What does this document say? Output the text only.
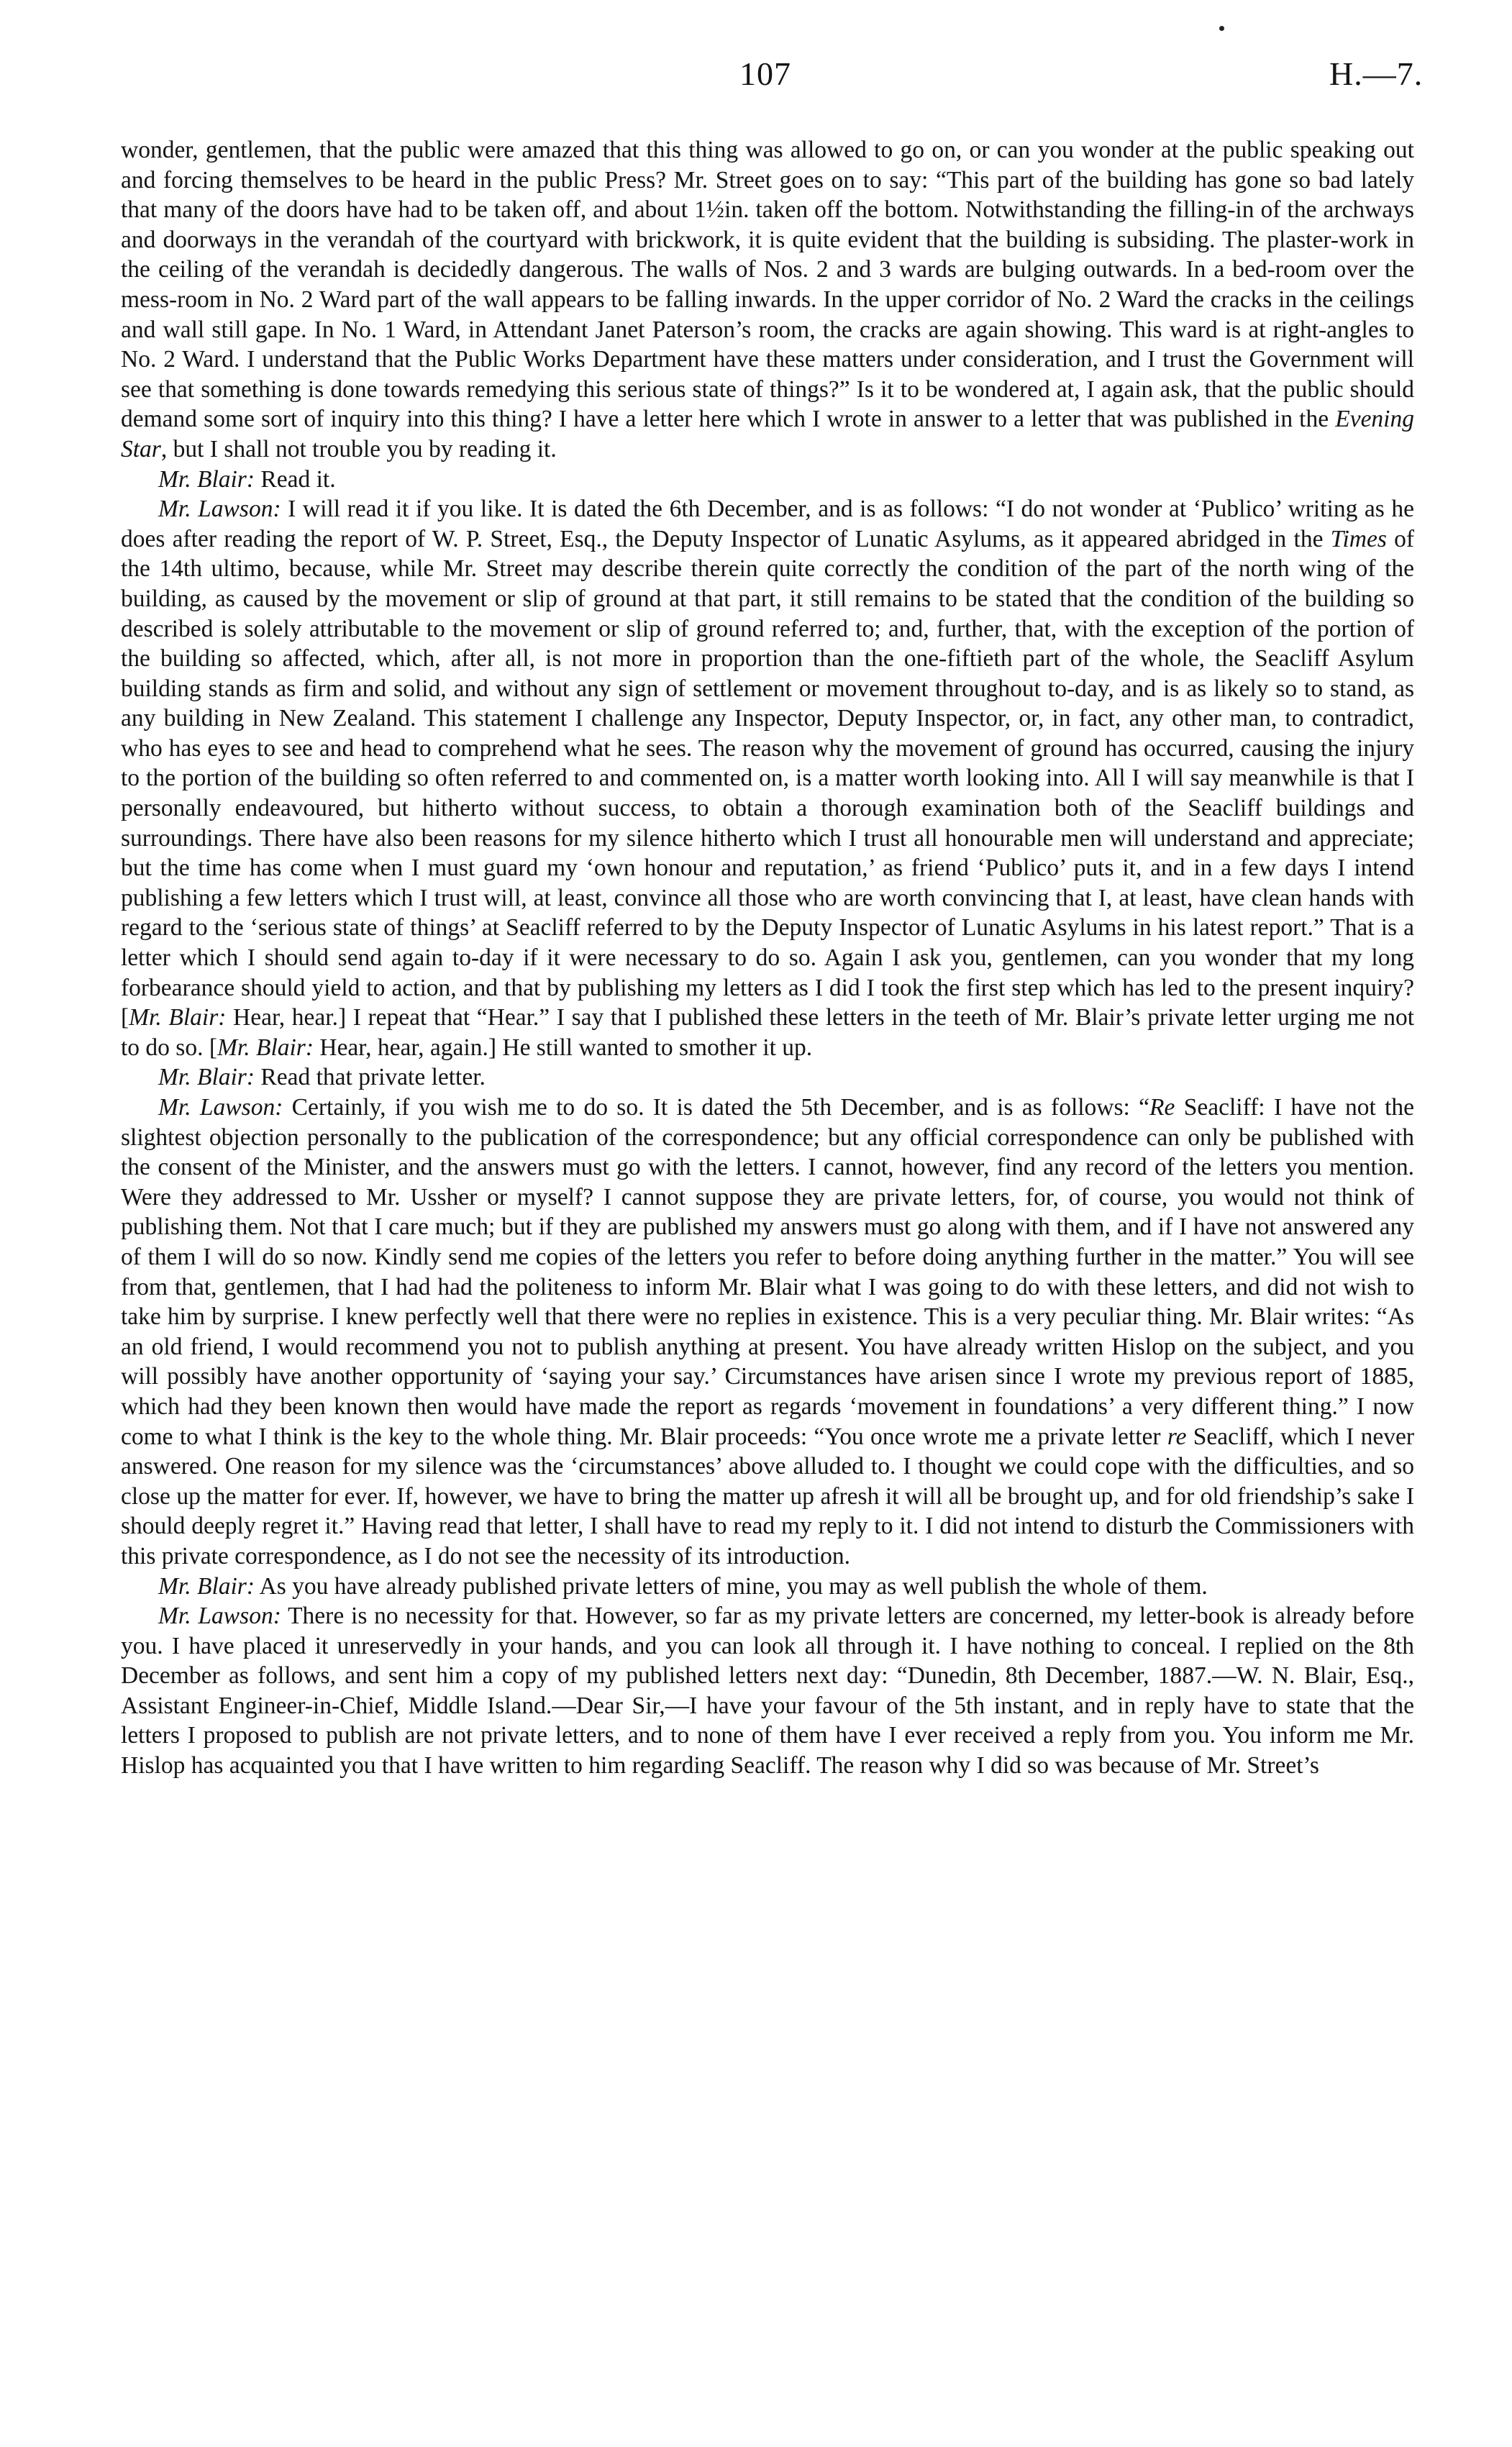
107	H.—7.

wonder, gentlemen, that the public were amazed that this thing was allowed to go on, or can you wonder at the public speaking out and forcing themselves to be heard in the public Press? Mr. Street goes on to say: “This part of the building has gone so bad lately that many of the doors have had to be taken off, and about 1½in. taken off the bottom. Notwithstanding the filling-in of the archways and doorways in the verandah of the courtyard with brickwork, it is quite evident that the building is subsiding. The plaster-work in the ceiling of the verandah is decidedly dangerous. The walls of Nos. 2 and 3 wards are bulging outwards. In a bed-room over the mess-room in No. 2 Ward part of the wall appears to be falling inwards. In the upper corridor of No. 2 Ward the cracks in the ceilings and wall still gape. In No. 1 Ward, in Attendant Janet Paterson’s room, the cracks are again showing. This ward is at right-angles to No. 2 Ward. I understand that the Public Works Department have these matters under consideration, and I trust the Government will see that something is done towards remedying this serious state of things?” Is it to be wondered at, I again ask, that the public should demand some sort of inquiry into this thing? I have a letter here which I wrote in answer to a letter that was published in the Evening Star, but I shall not trouble you by reading it.

Mr. Blair: Read it.

Mr. Lawson: I will read it if you like. It is dated the 6th December, and is as follows: “I do not wonder at ‘Publico’ writing as he does after reading the report of W. P. Street, Esq., the Deputy Inspector of Lunatic Asylums, as it appeared abridged in the Times of the 14th ultimo, because, while Mr. Street may describe therein quite correctly the condition of the part of the north wing of the building, as caused by the movement or slip of ground at that part, it still remains to be stated that the condition of the building so described is solely attributable to the movement or slip of ground referred to; and, further, that, with the exception of the portion of the building so affected, which, after all, is not more in proportion than the one-fiftieth part of the whole, the Seacliff Asylum building stands as firm and solid, and without any sign of settlement or movement throughout to-day, and is as likely so to stand, as any building in New Zealand. This statement I challenge any Inspector, Deputy Inspector, or, in fact, any other man, to contradict, who has eyes to see and head to comprehend what he sees. The reason why the movement of ground has occurred, causing the injury to the portion of the building so often referred to and commented on, is a matter worth looking into. All I will say meanwhile is that I personally endeavoured, but hitherto without success, to obtain a thorough examination both of the Seacliff buildings and surroundings. There have also been reasons for my silence hitherto which I trust all honourable men will understand and appreciate; but the time has come when I must guard my ‘own honour and reputation,’ as friend ‘Publico’ puts it, and in a few days I intend publishing a few letters which I trust will, at least, convince all those who are worth convincing that I, at least, have clean hands with regard to the ‘serious state of things’ at Seacliff referred to by the Deputy Inspector of Lunatic Asylums in his latest report.” That is a letter which I should send again to-day if it were necessary to do so. Again I ask you, gentlemen, can you wonder that my long forbearance should yield to action, and that by publishing my letters as I did I took the first step which has led to the present inquiry? [Mr. Blair: Hear, hear.] I repeat that “Hear.” I say that I published these letters in the teeth of Mr. Blair’s private letter urging me not to do so. [Mr. Blair: Hear, hear, again.] He still wanted to smother it up.

Mr. Blair: Read that private letter.

Mr. Lawson: Certainly, if you wish me to do so. It is dated the 5th December, and is as follows: “Re Seacliff: I have not the slightest objection personally to the publication of the correspondence; but any official correspondence can only be published with the consent of the Minister, and the answers must go with the letters. I cannot, however, find any record of the letters you mention. Were they addressed to Mr. Ussher or myself? I cannot suppose they are private letters, for, of course, you would not think of publishing them. Not that I care much; but if they are published my answers must go along with them, and if I have not answered any of them I will do so now. Kindly send me copies of the letters you refer to before doing anything further in the matter.” You will see from that, gentlemen, that I had had the politeness to inform Mr. Blair what I was going to do with these letters, and did not wish to take him by surprise. I knew perfectly well that there were no replies in existence. This is a very peculiar thing. Mr. Blair writes: “As an old friend, I would recommend you not to publish anything at present. You have already written Hislop on the subject, and you will possibly have another opportunity of ‘saying your say.’ Circumstances have arisen since I wrote my previous report of 1885, which had they been known then would have made the report as regards ‘movement in foundations’ a very different thing.” I now come to what I think is the key to the whole thing. Mr. Blair proceeds: “You once wrote me a private letter re Seacliff, which I never answered. One reason for my silence was the ‘circumstances’ above alluded to. I thought we could cope with the difficulties, and so close up the matter for ever. If, however, we have to bring the matter up afresh it will all be brought up, and for old friendship’s sake I should deeply regret it.” Having read that letter, I shall have to read my reply to it. I did not intend to disturb the Commissioners with this private correspondence, as I do not see the necessity of its introduction.

Mr. Blair: As you have already published private letters of mine, you may as well publish the whole of them.

Mr. Lawson: There is no necessity for that. However, so far as my private letters are concerned, my letter-book is already before you. I have placed it unreservedly in your hands, and you can look all through it. I have nothing to conceal. I replied on the 8th December as follows, and sent him a copy of my published letters next day: “Dunedin, 8th December, 1887.—W. N. Blair, Esq., Assistant Engineer-in-Chief, Middle Island.—Dear Sir,—I have your favour of the 5th instant, and in reply have to state that the letters I proposed to publish are not private letters, and to none of them have I ever received a reply from you. You inform me Mr. Hislop has acquainted you that I have written to him regarding Seacliff. The reason why I did so was because of Mr. Street’s
